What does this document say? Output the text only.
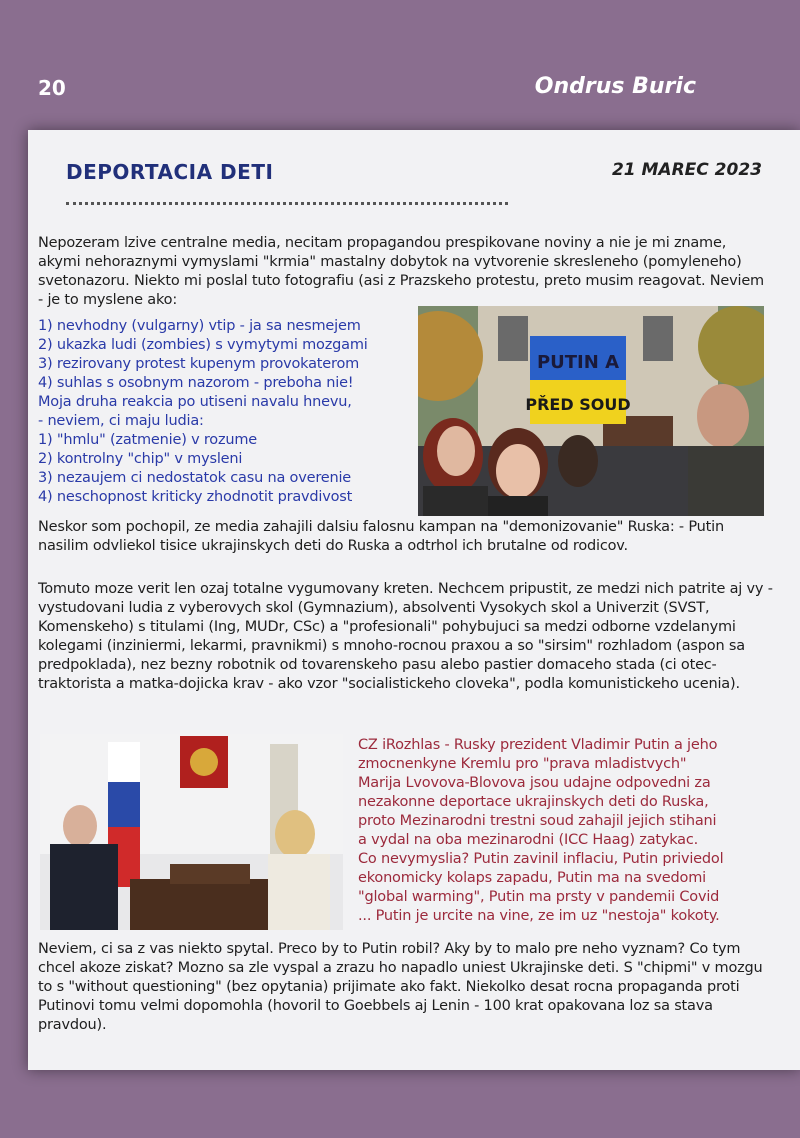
20	Ondrus Buric
DEPORTACIA DETI	21 MAREC 2023

Nepozeram lzive centralne media, necitam propagandou prespikovane noviny a nie je mi zname, akymi nehoraznymi vymyslami "krmia" mastalny dobytok na vytvorenie skresleneho (pomyleneho) svetonazoru. Niekto mi poslal tuto fotografiu (asi z Prazskeho protestu, preto musim reagovat. Neviem - je to myslene ako:

1) nevhodny (vulgarny) vtip - ja sa nesmejem
2) ukazka ludi (zombies) s vymytymi mozgami
3) rezirovany protest kupenym provokaterom
4) suhlas s osobnym nazorom - preboha nie!
Moja druha reakcia po utiseni navalu hnevu,
- neviem, ci maju ludia:
1) "hmlu" (zatmenie) v rozume
2) kontrolny "chip" v mysleni
3) nezaujem ci nedostatok casu na overenie
4) neschopnost kriticky zhodnotit pravdivost
PUTIN A
PŘED SOUD

Neskor som pochopil, ze media zahajili dalsiu falosnu kampan na "demonizovanie" Ruska: - Putin nasilim odvliekol tisice ukrajinskych deti do Ruska a odtrhol ich brutalne od rodicov.

Tomuto moze verit len ozaj totalne vygumovany kreten. Nechcem pripustit, ze medzi nich patrite aj vy - vystudovani ludia z vyberovych skol (Gymnazium), absolventi Vysokych skol a Univerzit (SVST, Komenskeho) s titulami (Ing, MUDr, CSc) a "profesionali" pohybujuci sa medzi odborne vzdelanymi kolegami (inziniermi, lekarmi, pravnikmi) s mnoho-rocnou praxou a so "sirsim" rozhladom (aspon sa predpoklada), nez bezny robotnik od tovarenskeho pasu alebo pastier domaceho stada (ci otec-traktorista a matka-dojicka krav - ako vzor "socialistickeho cloveka", podla komunistickeho ucenia).

CZ iRozhlas - Rusky prezident Vladimir Putin a jeho
zmocnenkyne Kremlu pro "prava mladistvych"
Marija Lvovova-Blovova jsou udajne odpovedni za
nezakonne deportace ukrajinskych deti do Ruska,
proto Mezinarodni trestni soud zahajil jejich stihani
a vydal na oba mezinarodni (ICC Haag) zatykac.
Co nevymyslia? Putin zavinil inflaciu, Putin priviedol
ekonomicky kolaps zapadu, Putin ma na svedomi
"global warming", Putin ma prsty v pandemii Covid
... Putin je urcite na vine, ze im uz "nestoja" kokoty.

Neviem, ci sa z vas niekto spytal. Preco by to Putin robil? Aky by to malo pre neho vyznam? Co tym chcel akoze ziskat? Mozno sa zle vyspal a zrazu ho napadlo uniest Ukrajinske deti. S "chipmi" v mozgu to s "without questioning" (bez opytania) prijimate ako fakt. Niekolko desat rocna propaganda proti Putinovi tomu velmi dopomohla (hovoril to Goebbels aj Lenin - 100 krat opakovana loz sa stava pravdou).
